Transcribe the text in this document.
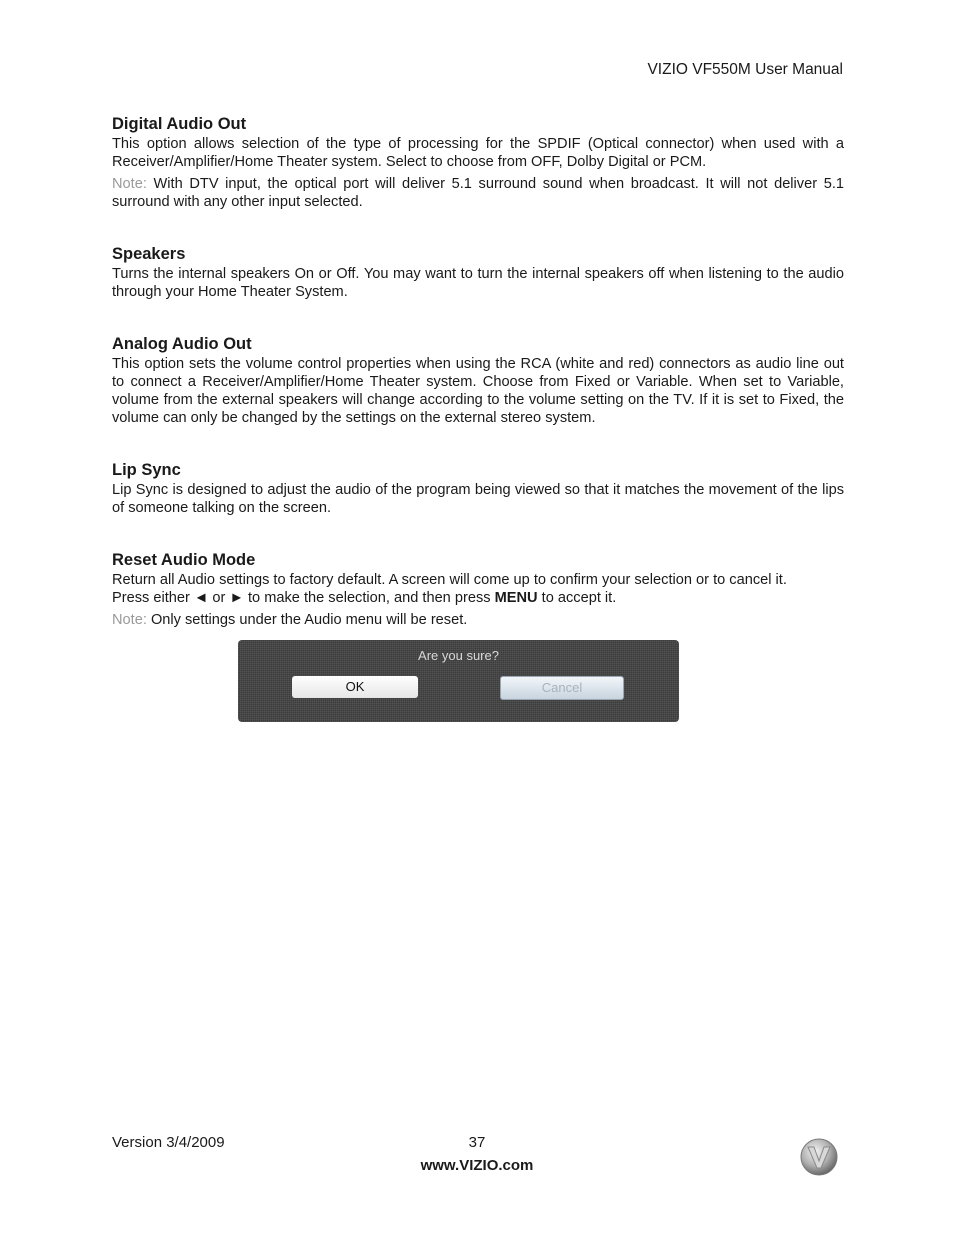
VIZIO VF550M User Manual
Digital Audio Out

This option allows selection of the type of processing for the SPDIF (Optical connector) when used with a Receiver/Amplifier/Home Theater system. Select to choose from OFF, Dolby Digital or PCM.

Note: With DTV input, the optical port will deliver 5.1 surround sound when broadcast. It will not deliver 5.1 surround with any other input selected.

Speakers

Turns the internal speakers On or Off. You may want to turn the internal speakers off when listening to the audio through your Home Theater System.

Analog Audio Out

This option sets the volume control properties when using the RCA (white and red) connectors as audio line out to connect a Receiver/Amplifier/Home Theater system. Choose from Fixed or Variable. When set to Variable, volume from the external speakers will change according to the volume setting on the TV. If it is set to Fixed, the volume can only be changed by the settings on the external stereo system.

Lip Sync

Lip Sync is designed to adjust the audio of the program being viewed so that it matches the movement of the lips of someone talking on the screen.

Reset Audio Mode

Return all Audio settings to factory default. A screen will come up to confirm your selection or to cancel it.
Press either ◄ or ► to make the selection, and then press MENU to accept it.

Note: Only settings under the Audio menu will be reset.

Are you sure?
OK	Cancel
Version 3/4/2009	37
www.VIZIO.com
